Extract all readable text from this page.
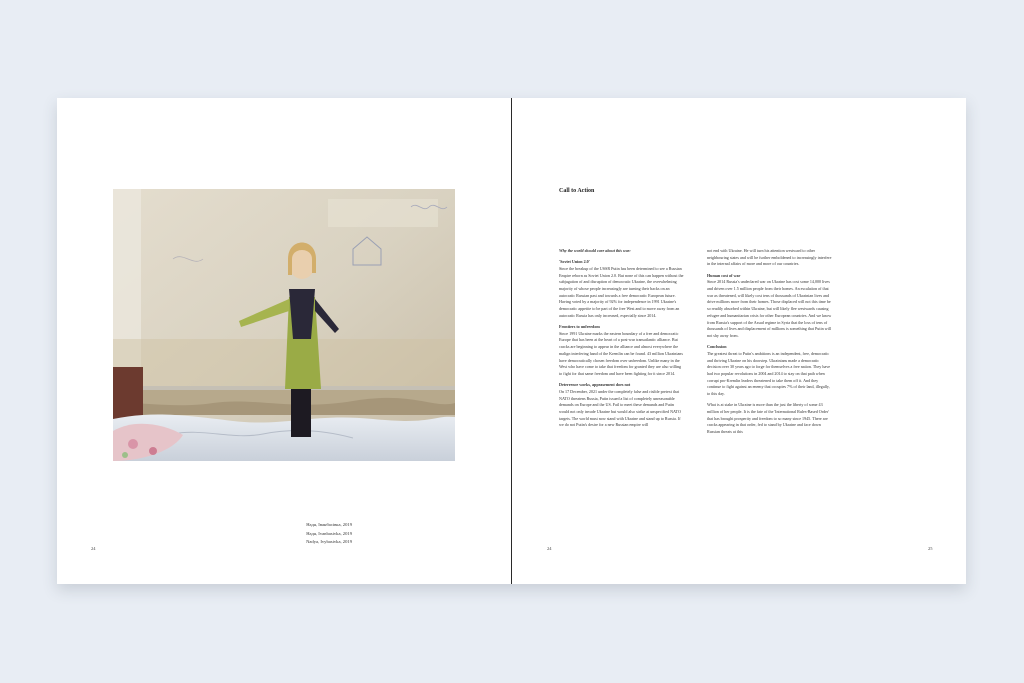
Надя, Іванбасівка, 2019
Надя, Ivanbasivka, 2019
Nadya, Ivybasivka, 2019
24
Call to Action

Why the world should care about this war:

'Soviet Union 2.0'
Since the breakup of the USSR Putin has been determined to see a Russian Empire reborn as Soviet Union 2.0. But none of this can happen without the subjugation of and disruption of democratic Ukraine, the overwhelming majority of whose people increasingly are turning their backs on an autocratic Russian past and towards a free democratic European future. Having voted by a majority of 92% for independence in 1991 Ukraine's democratic appetite to be part of the free West and to move away from an autocratic Russia has only increased, especially since 2014.

Frontiers to unfreedom
Since 1991 Ukraine marks the eastern boundary of a free and democratic Europe that has been at the heart of a post-war transatlantic alliance. But cracks are beginning to appear in the alliance and almost everywhere the malign interfering hand of the Kremlin can be found. 43 million Ukrainians have democratically chosen freedom over unfreedom. Unlike many in the West who have come to take that freedom for granted they are also willing to fight for that same freedom and have been fighting for it since 2014.

Deterrence works, appeasement does not
On 17 December, 2021 under the completely false and risible pretext that NATO threatens Russia, Putin issued a list of completely unreasonable demands on Europe and the US. Fail to meet these demands and Putin would not only invade Ukraine but would also strike at unspecified NATO targets. The world must now stand with Ukraine and stand up to Russia. If we do not Putin's desire for a new Russian empire will

not end with Ukraine. He will turn his attention westward to other neighbouring states and will be further emboldened to increasingly interfere in the internal affairs of more and more of our countries.

Human cost of war
Since 2014 Russia's undeclared war on Ukraine has cost some 14,000 lives and driven over 1.5 million people from their homes. An escalation of that war as threatened, will likely cost tens of thousands of Ukrainian lives and drive millions more from their homes. Those displaced will not this time be so readily absorbed within Ukraine, but will likely flee westwards causing refugee and humanitarian crisis for other European countries. And we know from Russia's support of the Assad regime in Syria that the loss of tens of thousands of lives and displacement of millions is something that Putin will not shy away from.

Conclusion
The greatest threat to Putin's ambitions is an independent, free, democratic and thriving Ukraine on his doorstep. Ukrainians made a democratic decision over 30 years ago to forge for themselves a free nation. They have had two popular revolutions in 2004 and 2014 to stay on that path when corrupt pro-Kremlin leaders threatened to take them off it. And they continue to fight against an enemy that occupies 7% of their land, illegally, to this day.

What is at stake in Ukraine is more than the just the liberty of some 43 million of her people. It is the fate of the 'International Rules-Based Order' that has brought prosperity and freedom to so many since 1945. There are cracks appearing in that order, fed to stand by Ukraine and face down Russian threats at this

24	25
